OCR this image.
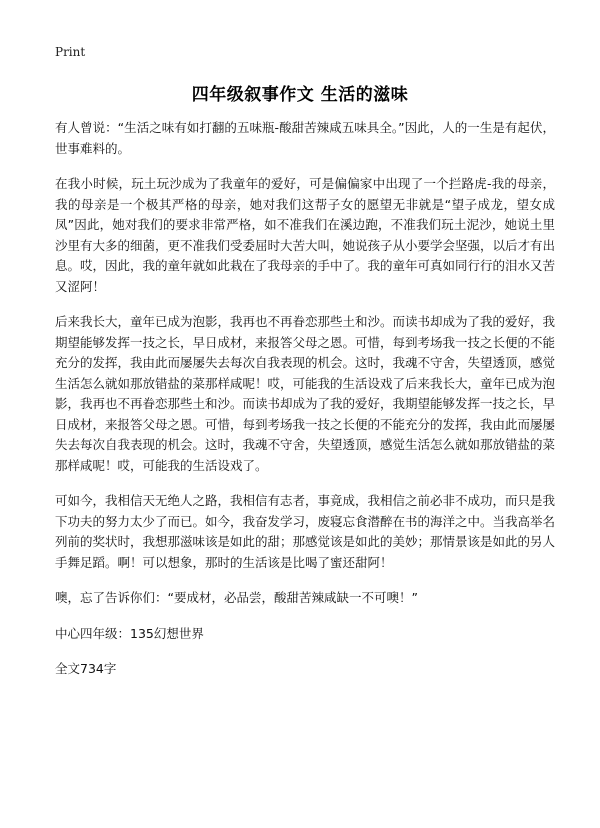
Print
四年级叙事作文 生活的滋味

有人曾说：“生活之味有如打翻的五味瓶-酸甜苦辣咸五味具全。”因此，人的一生是有起伏，世事难料的。

在我小时候，玩土玩沙成为了我童年的爱好，可是偏偏家中出现了一个拦路虎-我的母亲，我的母亲是一个极其严格的母亲，她对我们这帮子女的愿望无非就是“望子成龙，望女成凤”因此，她对我们的要求非常严格，如不准我们在溪边跑，不准我们玩土泥沙，她说土里沙里有大多的细菌，更不准我们受委屈时大苦大叫，她说孩子从小要学会坚强，以后才有出息。哎，因此，我的童年就如此栽在了我母亲的手中了。我的童年可真如同行行的泪水又苦又涩阿！

后来我长大，童年已成为泡影，我再也不再眷恋那些土和沙。而读书却成为了我的爱好，我期望能够发挥一技之长，早日成材，来报答父母之恩。可惜，每到考场我一技之长便的不能充分的发挥，我由此而屡屡失去每次自我表现的机会。这时，我魂不守舍，失望透顶，感觉生活怎么就如那放错盐的菜那样咸呢！哎，可能我的生活设戏了后来我长大，童年已成为泡影，我再也不再眷恋那些土和沙。而读书却成为了我的爱好，我期望能够发挥一技之长，早日成材，来报答父母之恩。可惜，每到考场我一技之长便的不能充分的发挥，我由此而屡屡失去每次自我表现的机会。这时，我魂不守舍，失望透顶，感觉生活怎么就如那放错盐的菜那样咸呢！哎，可能我的生活设戏了。

可如今，我相信天无绝人之路，我相信有志者，事竟成，我相信之前必非不成功，而只是我下功夫的努力太少了而已。如今，我奋发学习，废寝忘食潜醉在书的海洋之中。当我高举名列前的奖状时，我想那滋味该是如此的甜；那感觉该是如此的美妙；那情景该是如此的另人手舞足蹈。啊！可以想象，那时的生活该是比喝了蜜还甜阿！

噢，忘了告诉你们：“要成材，必品尝，酸甜苦辣咸缺一不可噢！”

中心四年级：135幻想世界

全文734字
